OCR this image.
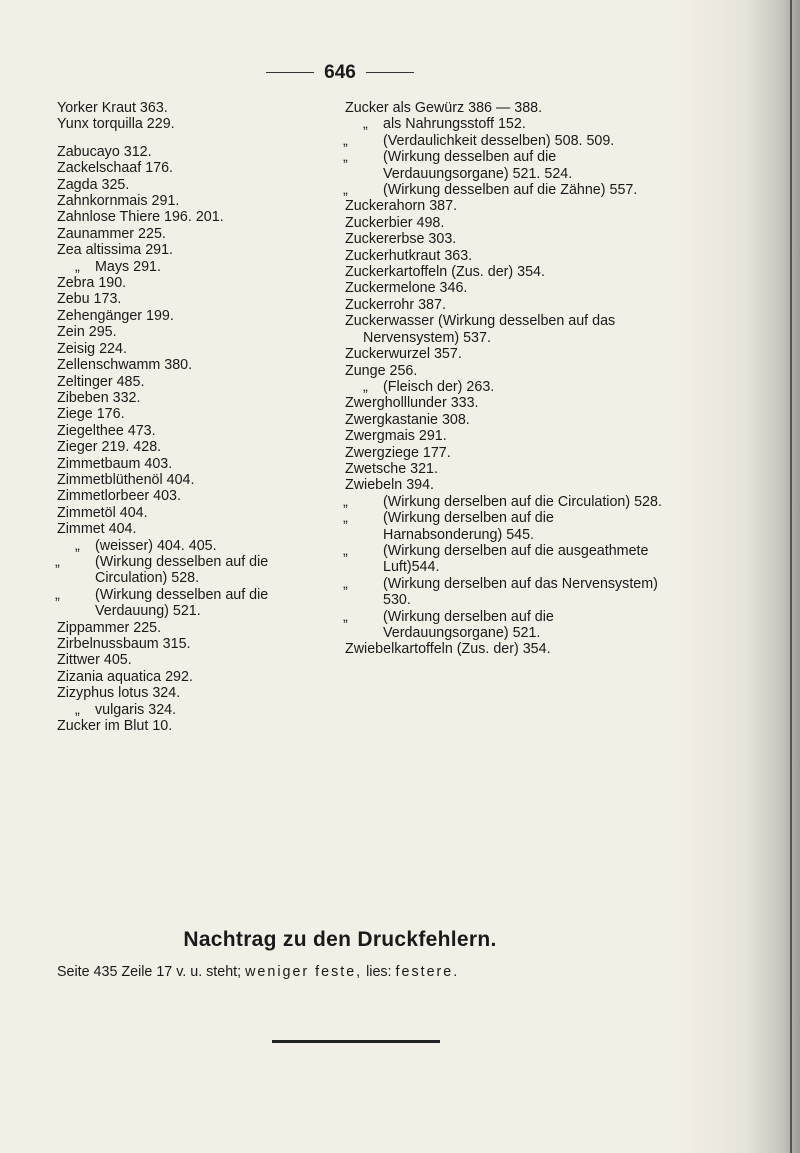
646
Yorker Kraut 363.
Yunx torquilla 229.
Zabucayo 312.
Zackelschaaf 176.
Zagda 325.
Zahnkornmais 291.
Zahnlose Thiere 196. 201.
Zaunammer 225.
Zea altissima 291.
„ Mays 291.
Zebra 190.
Zebu 173.
Zehengänger 199.
Zein 295.
Zeisig 224.
Zellenschwamm 380.
Zeltinger 485.
Zibeben 332.
Ziege 176.
Ziegelthee 473.
Zieger 219. 428.
Zimmetbaum 403.
Zimmetblüthenöl 404.
Zimmetlorbeer 403.
Zimmetöl 404.
Zimmet 404.
„ (weisser) 404. 405.
„ (Wirkung desselben auf die Circulation) 528.
„ (Wirkung desselben auf die Verdauung) 521.
Zippammer 225.
Zirbelnussbaum 315.
Zittwer 405.
Zizania aquatica 292.
Zizyphus lotus 324.
„ vulgaris 324.
Zucker im Blut 10.
Zucker als Gewürz 386 — 388.
„ als Nahrungsstoff 152.
„ (Verdaulichkeit desselben) 508. 509.
„ (Wirkung desselben auf die Verdauungsorgane) 521. 524.
„ (Wirkung desselben auf die Zähne) 557.
Zuckerahorn 387.
Zuckerbier 498.
Zuckererbse 303.
Zuckerhutkraut 363.
Zuckerkartoffeln (Zus. der) 354.
Zuckermelone 346.
Zuckerrohr 387.
Zuckerwasser (Wirkung desselben auf das Nervensystem) 537.
Zuckerwurzel 357.
Zunge 256.
„ (Fleisch der) 263.
Zwergholllunder 333.
Zwergkastanie 308.
Zwergmais 291.
Zwergziege 177.
Zwetsche 321.
Zwiebeln 394.
„ (Wirkung derselben auf die Circulation) 528.
„ (Wirkung derselben auf die Harnabsonderung) 545.
„ (Wirkung derselben auf die ausgeathmete Luft)544.
„ (Wirkung derselben auf das Nervensystem) 530.
„ (Wirkung derselben auf die Verdauungsorgane) 521.
Zwiebelkartoffeln (Zus. der) 354.
Nachtrag zu den Druckfehlern.
Seite 435 Zeile 17 v. u. steht; weniger feste, lies: festere.
